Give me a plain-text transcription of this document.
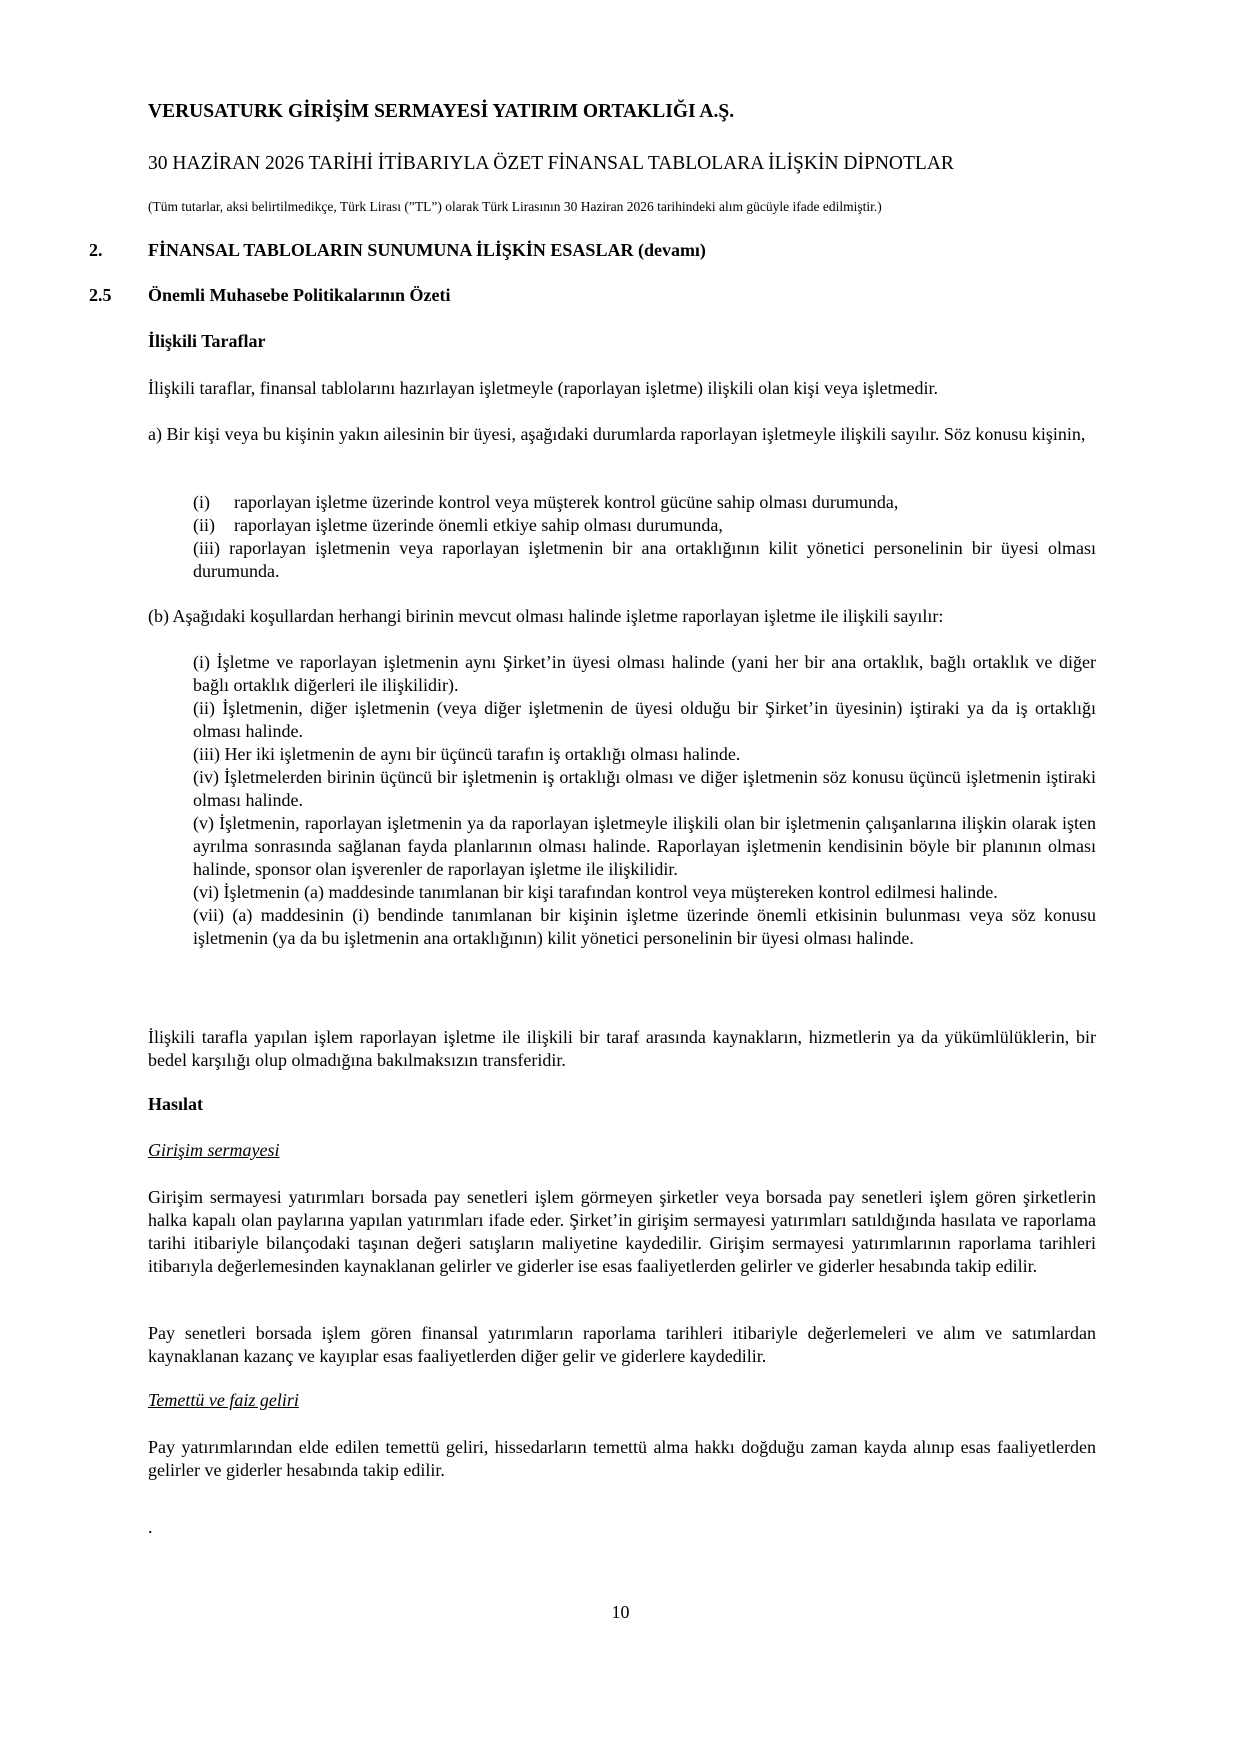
VERUSATURK GİRİŞİM SERMAYESİ YATIRIM ORTAKLIĞI A.Ş.
30 HAZİRAN 2026 TARİHİ İTİBARIYLA ÖZET FİNANSAL TABLOLARA İLİŞKİN DİPNOTLAR
(Tüm tutarlar, aksi belirtilmedikçe, Türk Lirası (”TL”) olarak Türk Lirasının 30 Haziran 2026 tarihindeki alım gücüyle ifade edilmiştir.)
2.	FİNANSAL TABLOLARIN SUNUMUNA İLİŞKİN ESASLAR (devamı)
2.5 Önemli Muhasebe Politikalarının Özeti
İlişkili Taraflar

İlişkili taraflar, finansal tablolarını hazırlayan işletmeyle (raporlayan işletme) ilişkili olan kişi veya işletmedir.

a) Bir kişi veya bu kişinin yakın ailesinin bir üyesi, aşağıdaki durumlarda raporlayan işletmeyle ilişkili sayılır. Söz konusu kişinin,

(i) raporlayan işletme üzerinde kontrol veya müşterek kontrol gücüne sahip olması durumunda,

(ii) raporlayan işletme üzerinde önemli etkiye sahip olması durumunda,

(iii) raporlayan işletmenin veya raporlayan işletmenin bir ana ortaklığının kilit yönetici personelinin bir üyesi olması durumunda.

(b) Aşağıdaki koşullardan herhangi birinin mevcut olması halinde işletme raporlayan işletme ile ilişkili sayılır:

(i) İşletme ve raporlayan işletmenin aynı Şirket’in üyesi olması halinde (yani her bir ana ortaklık, bağlı ortaklık ve diğer bağlı ortaklık diğerleri ile ilişkilidir).

(ii) İşletmenin, diğer işletmenin (veya diğer işletmenin de üyesi olduğu bir Şirket’in üyesinin) iştiraki ya da iş ortaklığı olması halinde.

(iii) Her iki işletmenin de aynı bir üçüncü tarafın iş ortaklığı olması halinde.

(iv) İşletmelerden birinin üçüncü bir işletmenin iş ortaklığı olması ve diğer işletmenin söz konusu üçüncü işletmenin iştiraki olması halinde.

(v) İşletmenin, raporlayan işletmenin ya da raporlayan işletmeyle ilişkili olan bir işletmenin çalışanlarına ilişkin olarak işten ayrılma sonrasında sağlanan fayda planlarının olması halinde. Raporlayan işletmenin kendisinin böyle bir planının olması halinde, sponsor olan işverenler de raporlayan işletme ile ilişkilidir.

(vi) İşletmenin (a) maddesinde tanımlanan bir kişi tarafından kontrol veya müştereken kontrol edilmesi halinde.

(vii) (a) maddesinin (i) bendinde tanımlanan bir kişinin işletme üzerinde önemli etkisinin bulunması veya söz konusu işletmenin (ya da bu işletmenin ana ortaklığının) kilit yönetici personelinin bir üyesi olması halinde.

İlişkili tarafla yapılan işlem raporlayan işletme ile ilişkili bir taraf arasında kaynakların, hizmetlerin ya da yükümlülüklerin, bir bedel karşılığı olup olmadığına bakılmaksızın transferidir.

Hasılat
Girişim sermayesi

Girişim sermayesi yatırımları borsada pay senetleri işlem görmeyen şirketler veya borsada pay senetleri işlem gören şirketlerin halka kapalı olan paylarına yapılan yatırımları ifade eder. Şirket’in girişim sermayesi yatırımları satıldığında hasılata ve raporlama tarihi itibariyle bilançodaki taşınan değeri satışların maliyetine kaydedilir. Girişim sermayesi yatırımlarının raporlama tarihleri itibarıyla değerlemesinden kaynaklanan gelirler ve giderler ise esas faaliyetlerden gelirler ve giderler hesabında takip edilir.

Pay senetleri borsada işlem gören finansal yatırımların raporlama tarihleri itibariyle değerlemeleri ve alım ve satımlardan kaynaklanan kazanç ve kayıplar esas faaliyetlerden diğer gelir ve giderlere kaydedilir.

Temettü ve faiz geliri

Pay yatırımlarından elde edilen temettü geliri, hissedarların temettü alma hakkı doğduğu zaman kayda alınıp esas faaliyetlerden gelirler ve giderler hesabında takip edilir.

.
10
